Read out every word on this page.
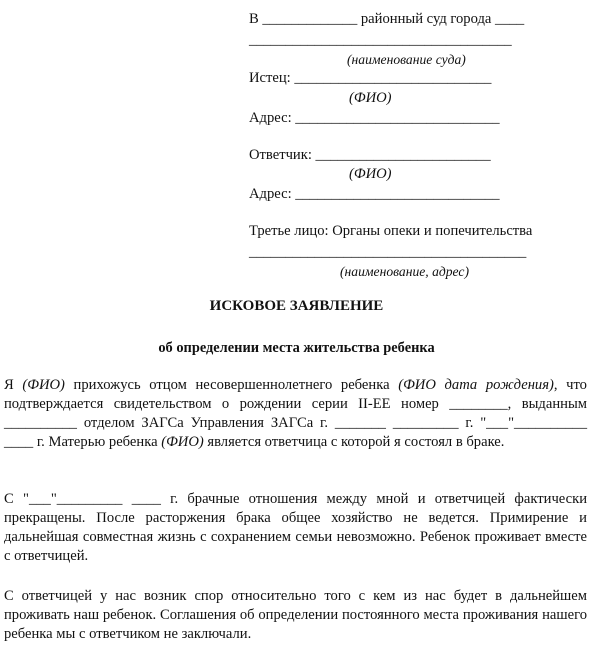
В _____________ районный суд города ____
____________________________________
(наименование суда)
Истец: ___________________________
(ФИО)
Адрес: ____________________________
Ответчик: ________________________
(ФИО)
Адрес: ____________________________
Третье лицо: Органы опеки и попечительства
______________________________________
(наименование, адрес)
ИСКОВОЕ ЗАЯВЛЕНИЕ
об определении места жительства ребенка

Я (ФИО) прихожусь отцом несовершеннолетнего ребенка (ФИО дата рождения), что подтверждается свидетельством о рождении серии II-ЕЕ номер ________, выданным __________ отделом ЗАГСа Управления ЗАГСа г. _______ _________ г. "___"__________ ____ г. Матерью ребенка (ФИО) является ответчица с которой я состоял в браке.

С "___"_________ ____ г. брачные отношения между мной и ответчицей фактически прекращены. После расторжения брака общее хозяйство не ведется. Примирение и дальнейшая совместная жизнь с сохранением семьи невозможно. Ребенок проживает вместе с ответчицей.

С ответчицей у нас возник спор относительно того с кем из нас будет в дальнейшем проживать наш ребенок. Соглашения об определении постоянного места проживания нашего ребенка мы с ответчиком не заключали.
